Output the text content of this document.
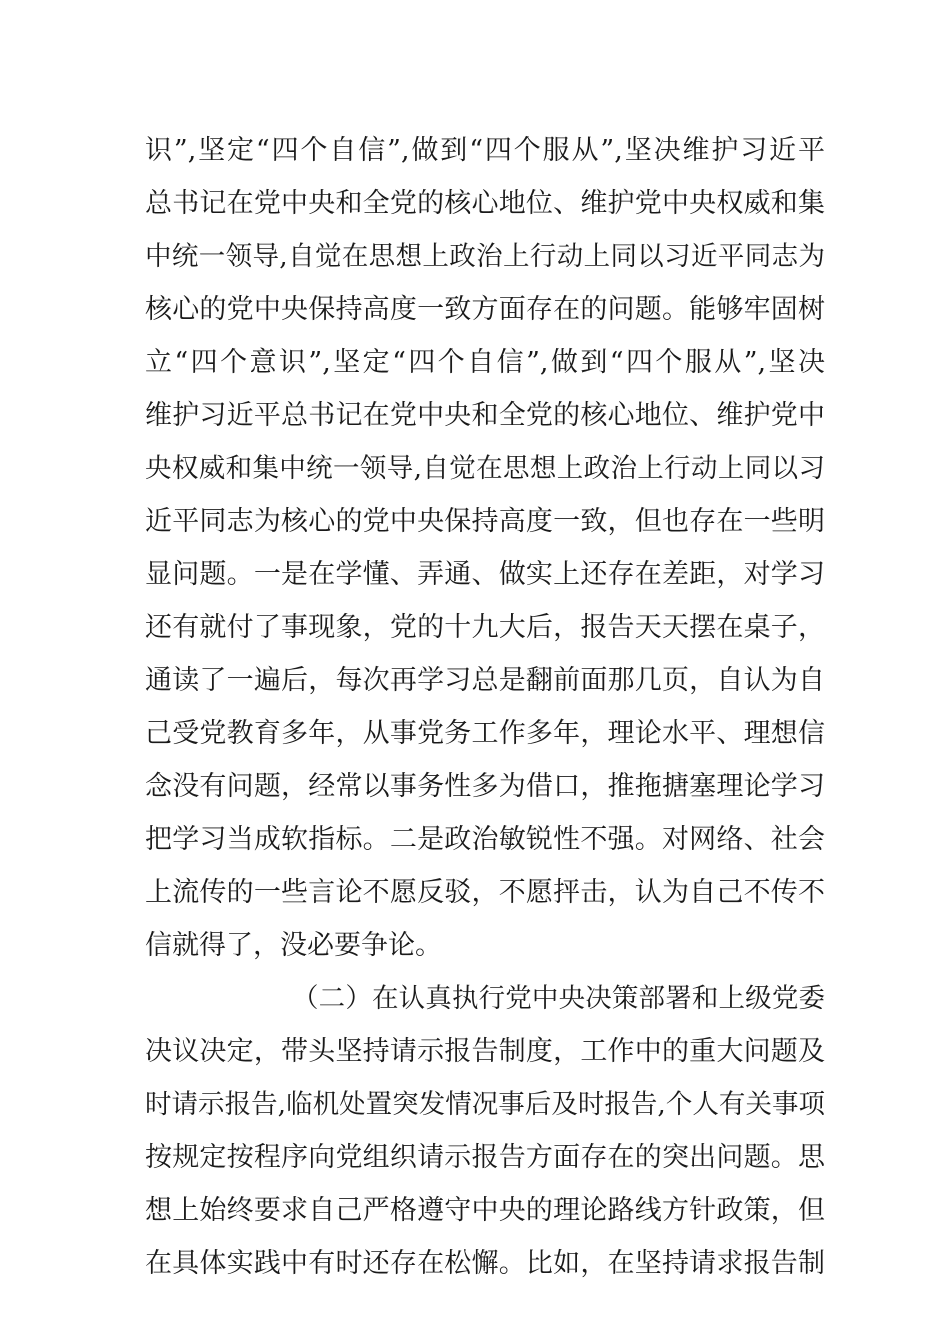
识”,坚定“四个自信”,做到“四个服从”,坚决维护习近平
总书记在党中央和全党的核心地位、维护党中央权威和集
中统一领导,自觉在思想上政治上行动上同以习近平同志为
核心的党中央保持高度一致方面存在的问题。能够牢固树
立“四个意识”,坚定“四个自信”,做到“四个服从”,坚决
维护习近平总书记在党中央和全党的核心地位、维护党中
央权威和集中统一领导,自觉在思想上政治上行动上同以习
近平同志为核心的党中央保持高度一致，但也存在一些明
显问题。一是在学懂、弄通、做实上还存在差距，对学习
还有就付了事现象，党的十九大后，报告天天摆在桌子，
通读了一遍后，每次再学习总是翻前面那几页，自认为自
己受党教育多年，从事党务工作多年，理论水平、理想信
念没有问题，经常以事务性多为借口，推拖搪塞理论学习
把学习当成软指标。二是政治敏锐性不强。对网络、社会
上流传的一些言论不愿反驳，不愿抨击，认为自己不传不
信就得了，没必要争论。
（二）在认真执行党中央决策部署和上级党委
决议决定，带头坚持请示报告制度，工作中的重大问题及
时请示报告,临机处置突发情况事后及时报告,个人有关事项
按规定按程序向党组织请示报告方面存在的突出问题。思
想上始终要求自己严格遵守中央的理论路线方针政策，但
在具体实践中有时还存在松懈。比如，在坚持请求报告制
